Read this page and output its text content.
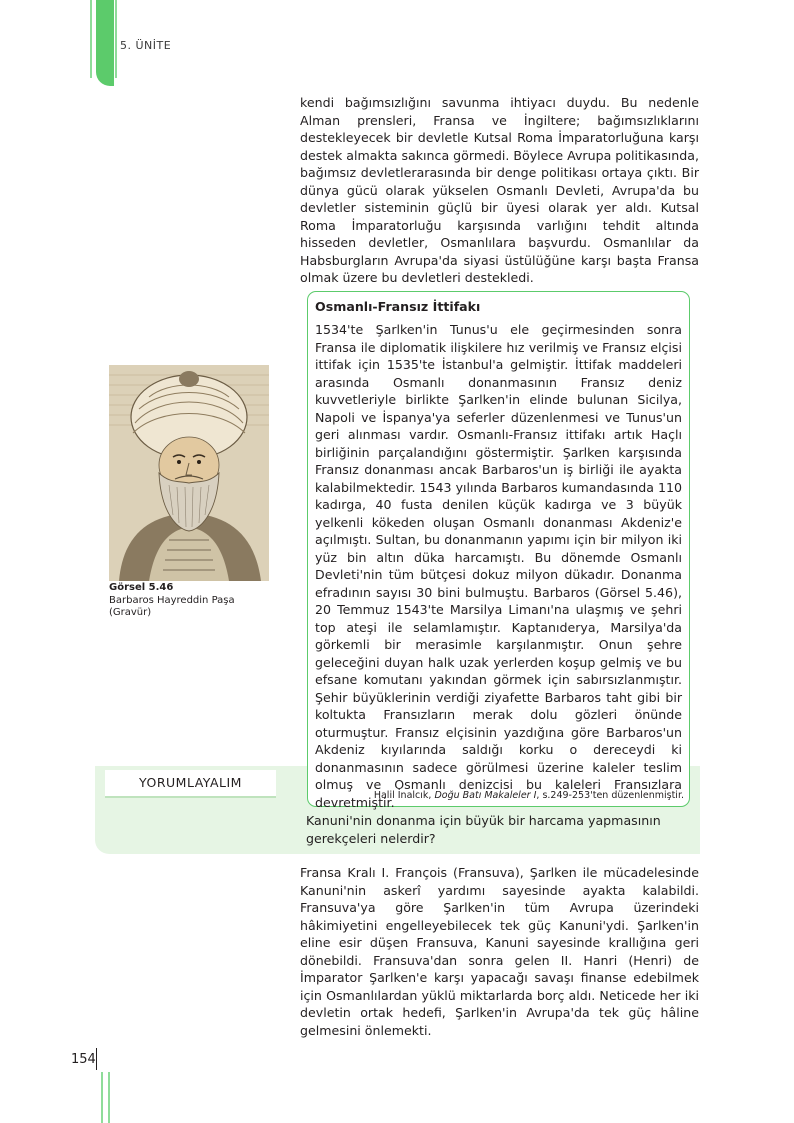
5. ÜNİTE

kendi bağımsızlığını savunma ihtiyacı duydu. Bu nedenle Alman prensleri, Fransa ve İngiltere; bağımsızlıklarını destekleyecek bir devletle Kutsal Roma İmparatorluğuna karşı destek almakta sakınca görmedi. Böylece Avrupa politikasında, bağımsız devletlerarasında bir denge politikası ortaya çıktı. Bir dünya gücü olarak yükselen Osmanlı Devleti, Avrupa'da bu devletler sisteminin güçlü bir üyesi olarak yer aldı. Kutsal Roma İmparatorluğu karşısında varlığını tehdit altında hisseden devletler, Osmanlılara başvurdu. Osmanlılar da Habsburgların Avrupa'da siyasi üstülüğüne karşı başta Fransa olmak üzere bu devletleri destekledi.

Görsel 5.46
Barbaros Hayreddin Paşa
(Gravür)
YORUMLAYALIM
Kanuni'nin donanma için büyük bir harcama yapmasının gerekçeleri nelerdir?
Osmanlı-Fransız İttifakı

1534'te Şarlken'in Tunus'u ele geçirmesinden sonra Fransa ile diplomatik ilişkilere hız verilmiş ve Fransız elçisi ittifak için 1535'te İstanbul'a gelmiştir. İttifak maddeleri arasında Osmanlı donanmasının Fransız deniz kuvvetleriyle birlikte Şarlken'in elinde bulunan Sicilya, Napoli ve İspanya'ya seferler düzenlenmesi ve Tunus'un geri alınması vardır. Osmanlı-Fransız ittifakı artık Haçlı birliğinin parçalandığını göstermiştir. Şarlken karşısında Fransız donanması ancak Barbaros'un iş birliği ile ayakta kalabilmektedir. 1543 yılında Barbaros kumandasında 110 kadırga, 40 fusta denilen küçük kadırga ve 3 büyük yelkenli kökeden oluşan Osmanlı donanması Akdeniz'e açılmıştı. Sultan, bu donanmanın yapımı için bir milyon iki yüz bin altın düka harcamıştı. Bu dönemde Osmanlı Devleti'nin tüm bütçesi dokuz milyon dükadır. Donanma efradının sayısı 30 bini bulmuştu. Barbaros (Görsel 5.46), 20 Temmuz 1543'te Marsilya Limanı'na ulaşmış ve şehri top ateşi ile selamlamıştır. Kaptanıderya, Marsilya'da görkemli bir merasimle karşılanmıştır. Onun şehre geleceğini duyan halk uzak yerlerden koşup gelmiş ve bu efsane komutanı yakından görmek için sabırsızlanmıştır. Şehir büyüklerinin verdiği ziyafette Barbaros taht gibi bir koltukta Fransızların merak dolu gözleri önünde oturmuştur. Fransız elçisinin yazdığına göre Barbaros'un Akdeniz kıyılarında saldığı korku o dereceydi ki donanmasının sadece görülmesi üzerine kaleler teslim olmuş ve Osmanlı denizcisi bu kaleleri Fransızlara devretmiştir.

Halil İnalcık, Doğu Batı Makaleler I, s.249-253'ten düzenlenmiştir.

Fransa Kralı I. François (Fransuva), Şarlken ile mücadelesinde Kanuni'nin askerî yardımı sayesinde ayakta kalabildi. Fransuva'ya göre Şarlken'in tüm Avrupa üzerindeki hâkimiyetini engelleyebilecek tek güç Kanuni'ydi. Şarlken'in eline esir düşen Fransuva, Kanuni sayesinde krallığına geri dönebildi. Fransuva'dan sonra gelen II. Hanri (Henri) de İmparator Şarlken'e karşı yapacağı savaşı finanse edebilmek için Osmanlılardan yüklü miktarlarda borç aldı. Neticede her iki devletin ortak hedefi, Şarlken'in Avrupa'da tek güç hâline gelmesini önlemekti.

154
